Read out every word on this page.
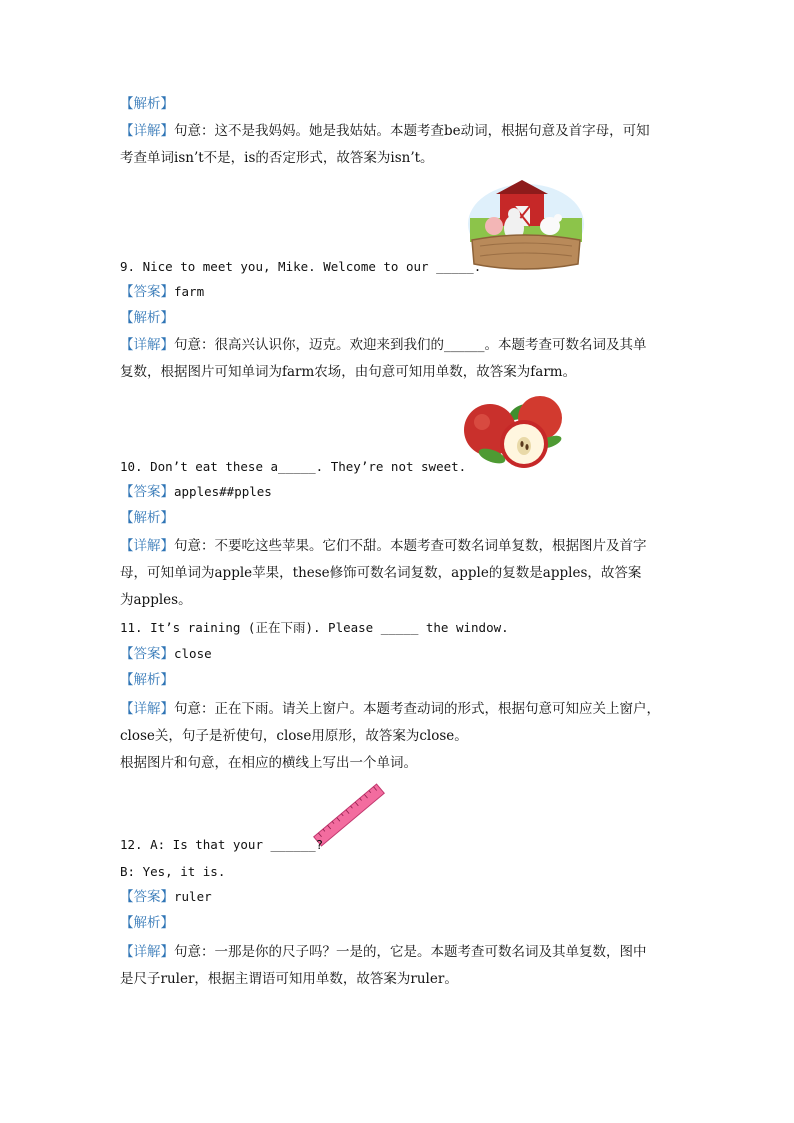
【解析】
【详解】句意：这不是我妈妈。她是我姑姑。本题考查be动词，根据句意及首字母，可知
考查单词isn’t不是，is的否定形式，故答案为isn’t。
9. Nice to meet you, Mike. Welcome to our _____.
【答案】farm
【解析】
【详解】句意：很高兴认识你，迈克。欢迎来到我们的______。本题考查可数名词及其单
复数，根据图片可知单词为farm农场，由句意可知用单数，故答案为farm。
10. Don’t eat these a_____. They’re not sweet.
【答案】apples##pples
【解析】
【详解】句意：不要吃这些苹果。它们不甜。本题考查可数名词单复数，根据图片及首字
母，可知单词为apple苹果，these修饰可数名词复数，apple的复数是apples，故答案
为apples。
11. It’s raining (正在下雨). Please _____ the window.
【答案】close
【解析】
【详解】句意：正在下雨。请关上窗户。本题考查动词的形式，根据句意可知应关上窗户，
close关，句子是祈使句，close用原形，故答案为close。
根据图片和句意，在相应的横线上写出一个单词。
12. A: Is that your ______?
B: Yes, it is.
【答案】ruler
【解析】
【详解】句意：一那是你的尺子吗？一是的，它是。本题考查可数名词及其单复数，图中
是尺子ruler，根据主谓语可知用单数，故答案为ruler。
